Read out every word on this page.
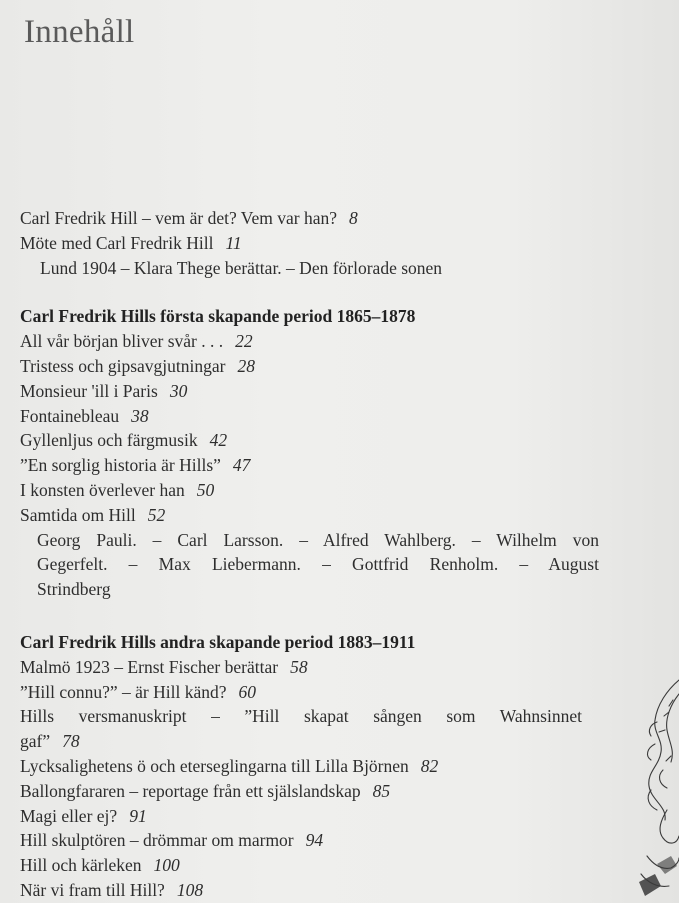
Innehåll
Carl Fredrik Hill – vem är det? Vem var han? 8
Möte med Carl Fredrik Hill 11
Lund 1904 – Klara Thege berättar. – Den förlorade sonen
Carl Fredrik Hills första skapande period 1865–1878
All vår början bliver svår . . . 22
Tristess och gipsavgjutningar 28
Monsieur 'ill i Paris 30
Fontainebleau 38
Gyllenljus och färgmusik 42
”En sorglig historia är Hills” 47
I konsten överlever han 50
Samtida om Hill 52
Georg Pauli. – Carl Larsson. – Alfred Wahlberg. – Wilhelm von
Gegerfelt. – Max Liebermann. – Gottfrid Renholm. – August
Strindberg
Carl Fredrik Hills andra skapande period 1883–1911
Malmö 1923 – Ernst Fischer berättar 58
”Hill connu?” – är Hill känd? 60
Hills versmanuskript – ”Hill skapat sången som Wahnsinnet
gaf” 78
Lycksalighetens ö och eterseglingarna till Lilla Björnen 82
Ballongfararen – reportage från ett själslandskap 85
Magi eller ej? 91
Hill skulptören – drömmar om marmor 94
Hill och kärleken 100
När vi fram till Hill? 108
